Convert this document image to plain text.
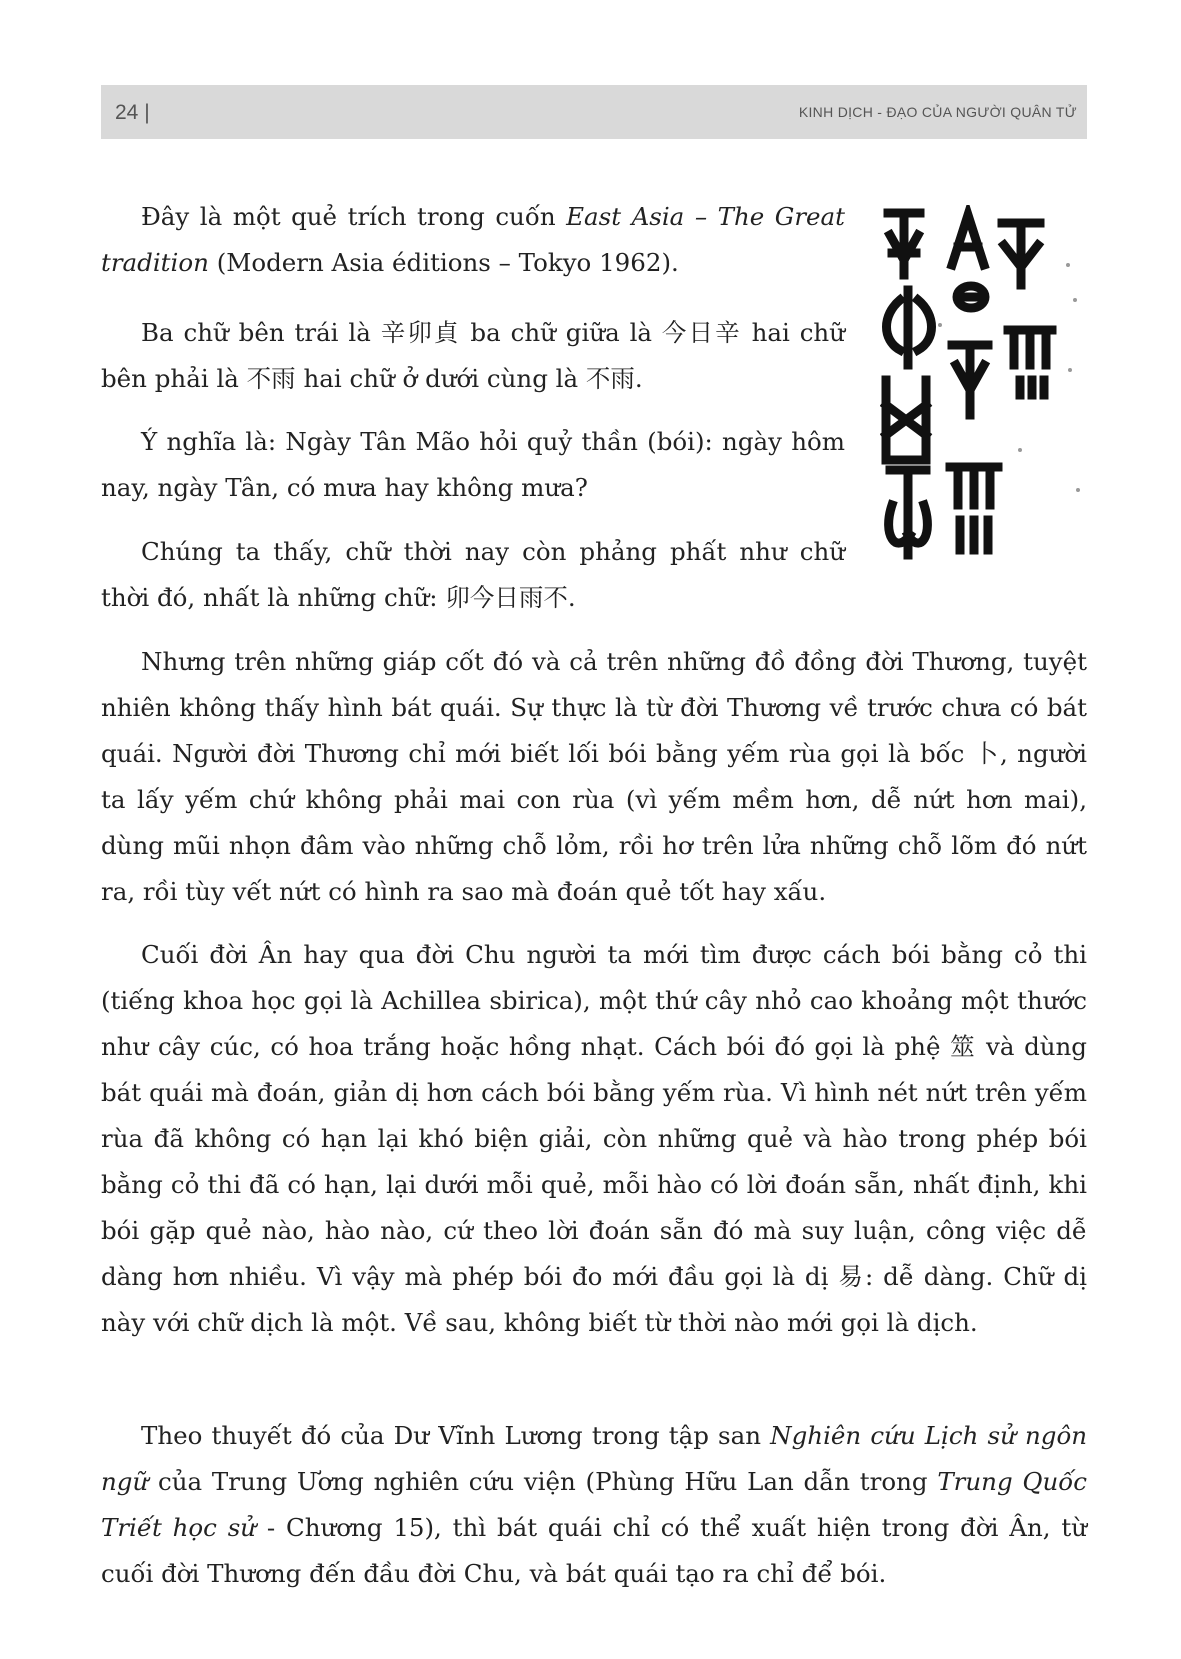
24 |	KINH DỊCH - ĐẠO CỦA NGƯỜI QUÂN TỬ

Đây là một quẻ trích trong cuốn East Asia – The Great tradition (Modern Asia éditions – Tokyo 1962).

Ba chữ bên trái là 辛卯貞 ba chữ giữa là 今日辛 hai chữ bên phải là 不雨 hai chữ ở dưới cùng là 不雨.

Ý nghĩa là: Ngày Tân Mão hỏi quỷ thần (bói): ngày hôm nay, ngày Tân, có mưa hay không mưa?

Chúng ta thấy, chữ thời nay còn phảng phất như chữ thời đó, nhất là những chữ: 卯今日雨不.

Nhưng trên những giáp cốt đó và cả trên những đồ đồng đời Thương, tuyệt nhiên không thấy hình bát quái. Sự thực là từ đời Thương về trước chưa có bát quái. Người đời Thương chỉ mới biết lối bói bằng yếm rùa gọi là bốc 卜, người ta lấy yếm chứ không phải mai con rùa (vì yếm mềm hơn, dễ nứt hơn mai), dùng mũi nhọn đâm vào những chỗ lỏm, rồi hơ trên lửa những chỗ lõm đó nứt ra, rồi tùy vết nứt có hình ra sao mà đoán quẻ tốt hay xấu.

Cuối đời Ân hay qua đời Chu người ta mới tìm được cách bói bằng cỏ thi (tiếng khoa học gọi là Achillea sbirica), một thứ cây nhỏ cao khoảng một thước như cây cúc, có hoa trắng hoặc hồng nhạt. Cách bói đó gọi là phệ 筮 và dùng bát quái mà đoán, giản dị hơn cách bói bằng yếm rùa. Vì hình nét nứt trên yếm rùa đã không có hạn lại khó biện giải, còn những quẻ và hào trong phép bói bằng cỏ thi đã có hạn, lại dưới mỗi quẻ, mỗi hào có lời đoán sẵn, nhất định, khi bói gặp quẻ nào, hào nào, cứ theo lời đoán sẵn đó mà suy luận, công việc dễ dàng hơn nhiều. Vì vậy mà phép bói đo mới đầu gọi là dị 易: dễ dàng. Chữ dị này với chữ dịch là một. Về sau, không biết từ thời nào mới gọi là dịch.

Theo thuyết đó của Dư Vĩnh Lương trong tập san Nghiên cứu Lịch sử ngôn ngữ của Trung Ương nghiên cứu viện (Phùng Hữu Lan dẫn trong Trung Quốc Triết học sử - Chương 15), thì bát quái chỉ có thể xuất hiện trong đời Ân, từ cuối đời Thương đến đầu đời Chu, và bát quái tạo ra chỉ để bói.
